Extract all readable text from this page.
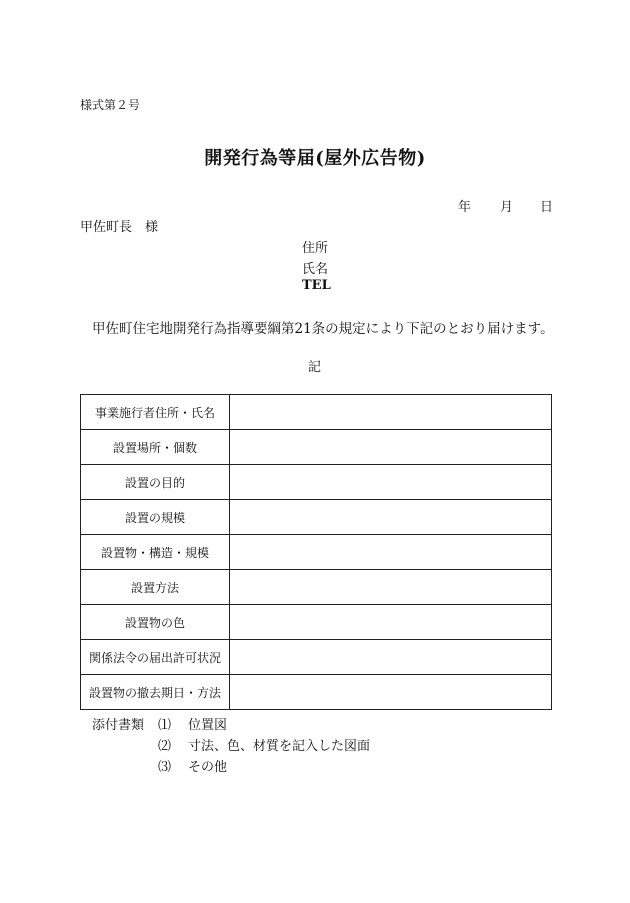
様式第２号
開発行為等届(屋外広告物)
年 月 日
甲佐町長　様
住所
氏名
TEL
甲佐町住宅地開発行為指導要綱第21条の規定により下記のとおり届けます。
記
事業施行者住所・氏名	
設置場所・個数	
設置の目的	
設置の規模	
設置物・構造・規模	
設置方法	
設置物の色	
関係法令の届出許可状況	
設置物の撤去期日・方法	
添付書類 ⑴ 位置図
⑵ 寸法、色、材質を記入した図面
⑶ その他
